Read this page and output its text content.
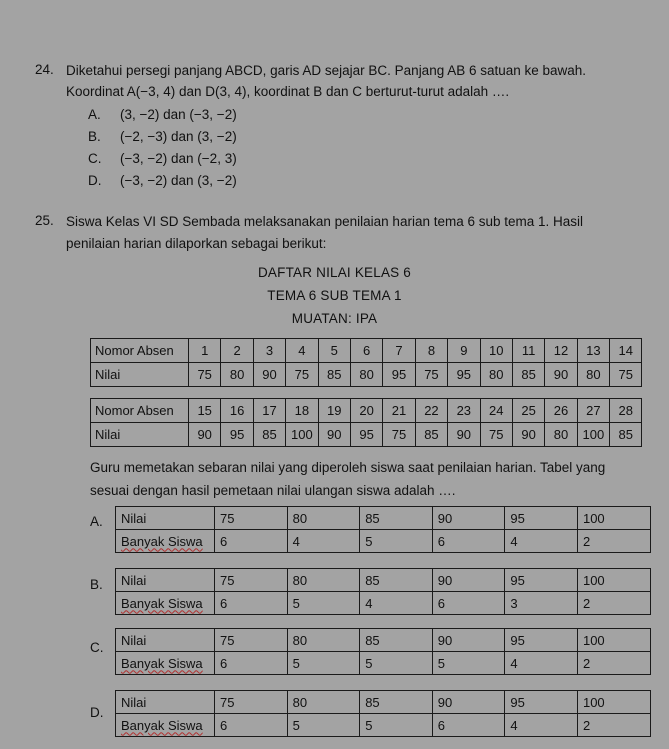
24. Diketahui persegi panjang ABCD, garis AD sejajar BC. Panjang AB 6 satuan ke bawah.
Koordinat A(−3, 4) dan D(3, 4), koordinat B dan C berturut-turut adalah ….
A. (3, −2) dan (−3, −2)
B. (−2, −3) dan (3, −2)
C. (−3, −2) dan (−2, 3)
D. (−3, −2) dan (3, −2)
25. Siswa Kelas VI SD Sembada melaksanakan penilaian harian tema 6 sub tema 1. Hasil
penilaian harian dilaporkan sebagai berikut:
DAFTAR NILAI KELAS 6
TEMA 6 SUB TEMA 1
MUATAN: IPA
Nomor Absen	1	2	3	4	5	6	7	8	9	10	11	12	13	14
Nilai	75	80	90	75	85	80	95	75	95	80	85	90	80	75
Nomor Absen	15	16	17	18	19	20	21	22	23	24	25	26	27	28
Nilai	90	95	85	100	90	95	75	85	90	75	90	80	100	85
Guru memetakan sebaran nilai yang diperoleh siswa saat penilaian harian. Tabel yang
sesuai dengan hasil pemetaan nilai ulangan siswa adalah ….
A. Nilai	75	80	85	90	95	100
Banyak Siswa	6	4	5	6	4	2
B. Nilai	75	80	85	90	95	100
Banyak Siswa	6	5	4	6	3	2
C. Nilai	75	80	85	90	95	100
Banyak Siswa	6	5	5	5	4	2
D.
Nilai	75	80	85	90	95	100
Banyak Siswa	6	5	5	6	4	2
